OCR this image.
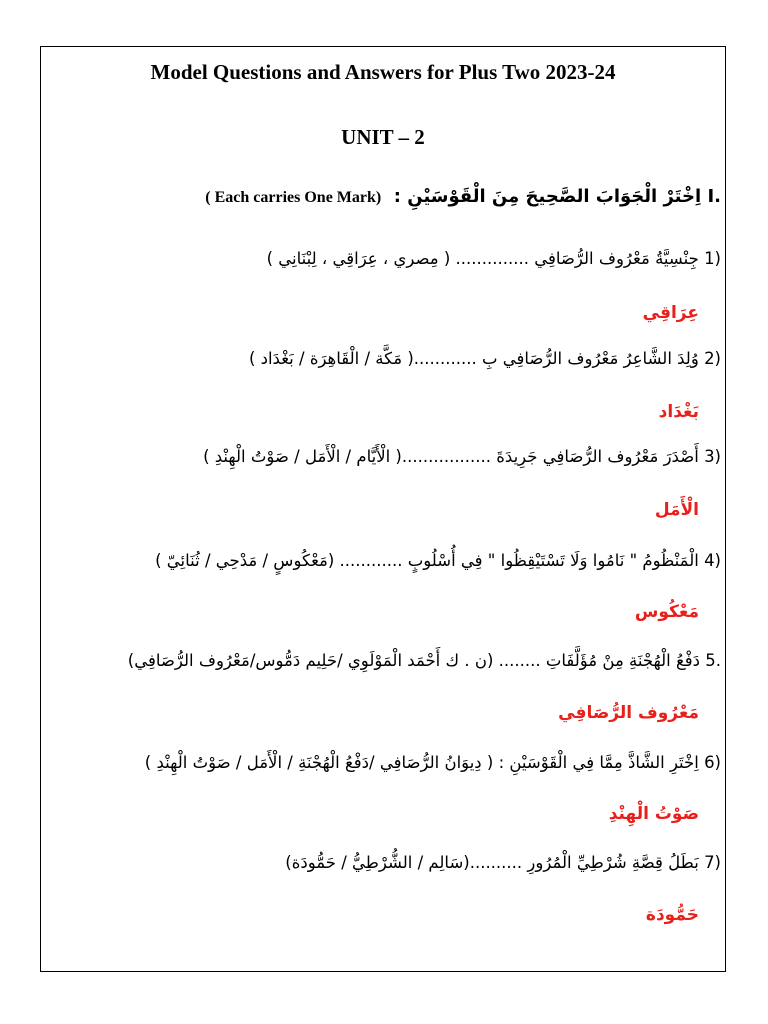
Model Questions and Answers for Plus Two 2023-24
UNIT – 2
I. اِخْتَرْ الْجَوَابَ الصَّحِيحَ مِنَ الْقَوْسَيْنِ :  ( Each carries One Mark)
1) جِنْسِيَّةُ مَعْرُوف الرُّصَافِي .............. ( مِصري ، عِرَاقِي ، لِبْنَانِي )
عِرَاقِي
2) وُلِدَ الشَّاعِرُ مَعْرُوف الرُّصَافِي بِ ............( مَكَّة / الْقَاهِرَة / بَغْدَاد )
بَغْدَاد
3) أَصْدَرَ مَعْرُوف الرُّصَافِي جَرِيدَةَ .................( الْأَيَّام / الْأَمَل / صَوْتُ الْهِنْدِ )
الْأَمَل
4) الْمَنْظُومُ " نَامُوا وَلَا تَسْتَيْقِظُوا " فِي أُسْلُوبٍ ............ (مَعْكُوسٍ / مَدْحِي / ثُنَائِيّ )
مَعْكُوس
5. دَفْعُ الْهُجْنَةِ مِنْ مُؤَلَّفَاتِ ........ (ن . ك أَحْمَد الْمَوْلَوِي /حَلِيم دَمُّوس/مَعْرُوف الرُّصَافِي)
مَعْرُوف الرُّصَافِي
6) اِخْتَرِ الشَّاذَّ مِمَّا فِي الْقَوْسَيْنِ : ( دِيوَانُ الرُّصَافِي /دَفْعُ الْهُجْنَةِ / الْأَمَل / صَوْتُ الْهِنْدِ )
صَوْتُ الْهِنْدِ
7) بَطَلُ قِصَّةِ شُرْطِيِّ الْمُرُورِ ..........(سَالِم / الشُّرْطِيُّ / حَمُّودَة)
حَمُّودَة
